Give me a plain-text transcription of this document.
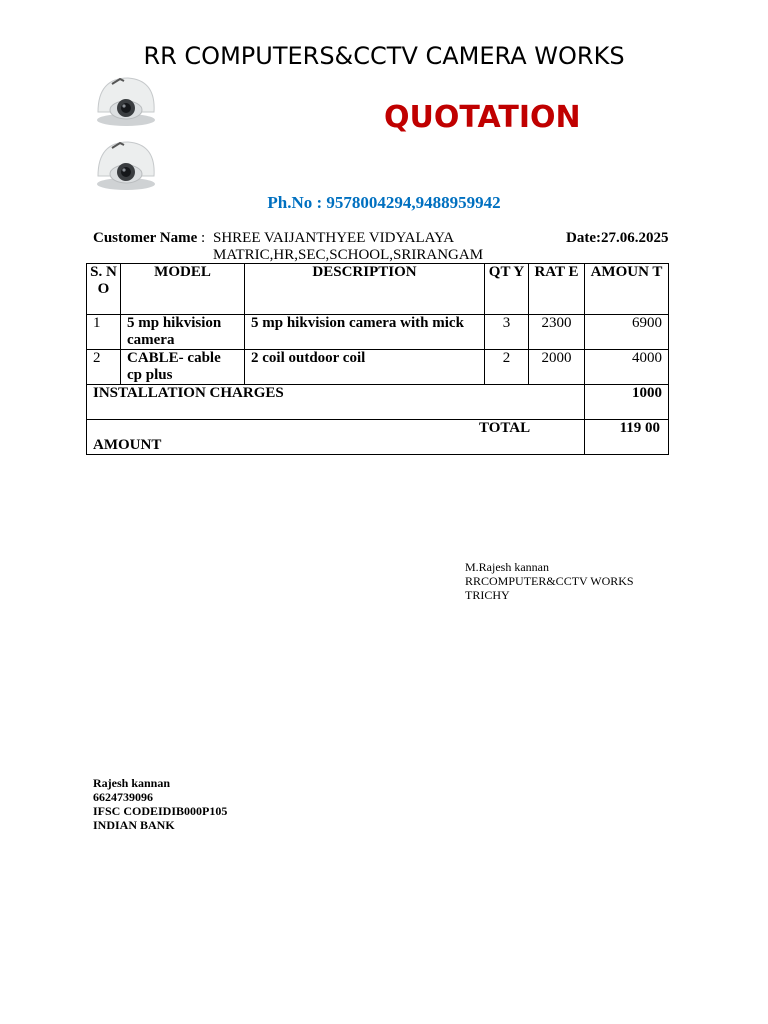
RR COMPUTERS&CCTV CAMERA WORKS
QUOTATION
Ph.No : 9578004294,9488959942
Customer Name : SHREE VAIJANTHYEE VIDYALAYA
MATRIC,HR,SEC,SCHOOL,SRIRANGAM
Date:27.06.2025
S. N O	MODEL	DESCRIPTION	QT Y	RAT E	AMOUN T
1	5 mp hikvision camera	5 mp hikvision camera with mick	3	2300	6900
2	CABLE- cable cp plus	2 coil outdoor coil	2	2000	4000
INSTALLATION CHARGES					1000

TOTAL
AMOUNT					119 00
M.Rajesh kannan
RRCOMPUTER&CCTV WORKS
TRICHY
Rajesh kannan
6624739096
IFSC CODEIDIB000P105
INDIAN BANK
